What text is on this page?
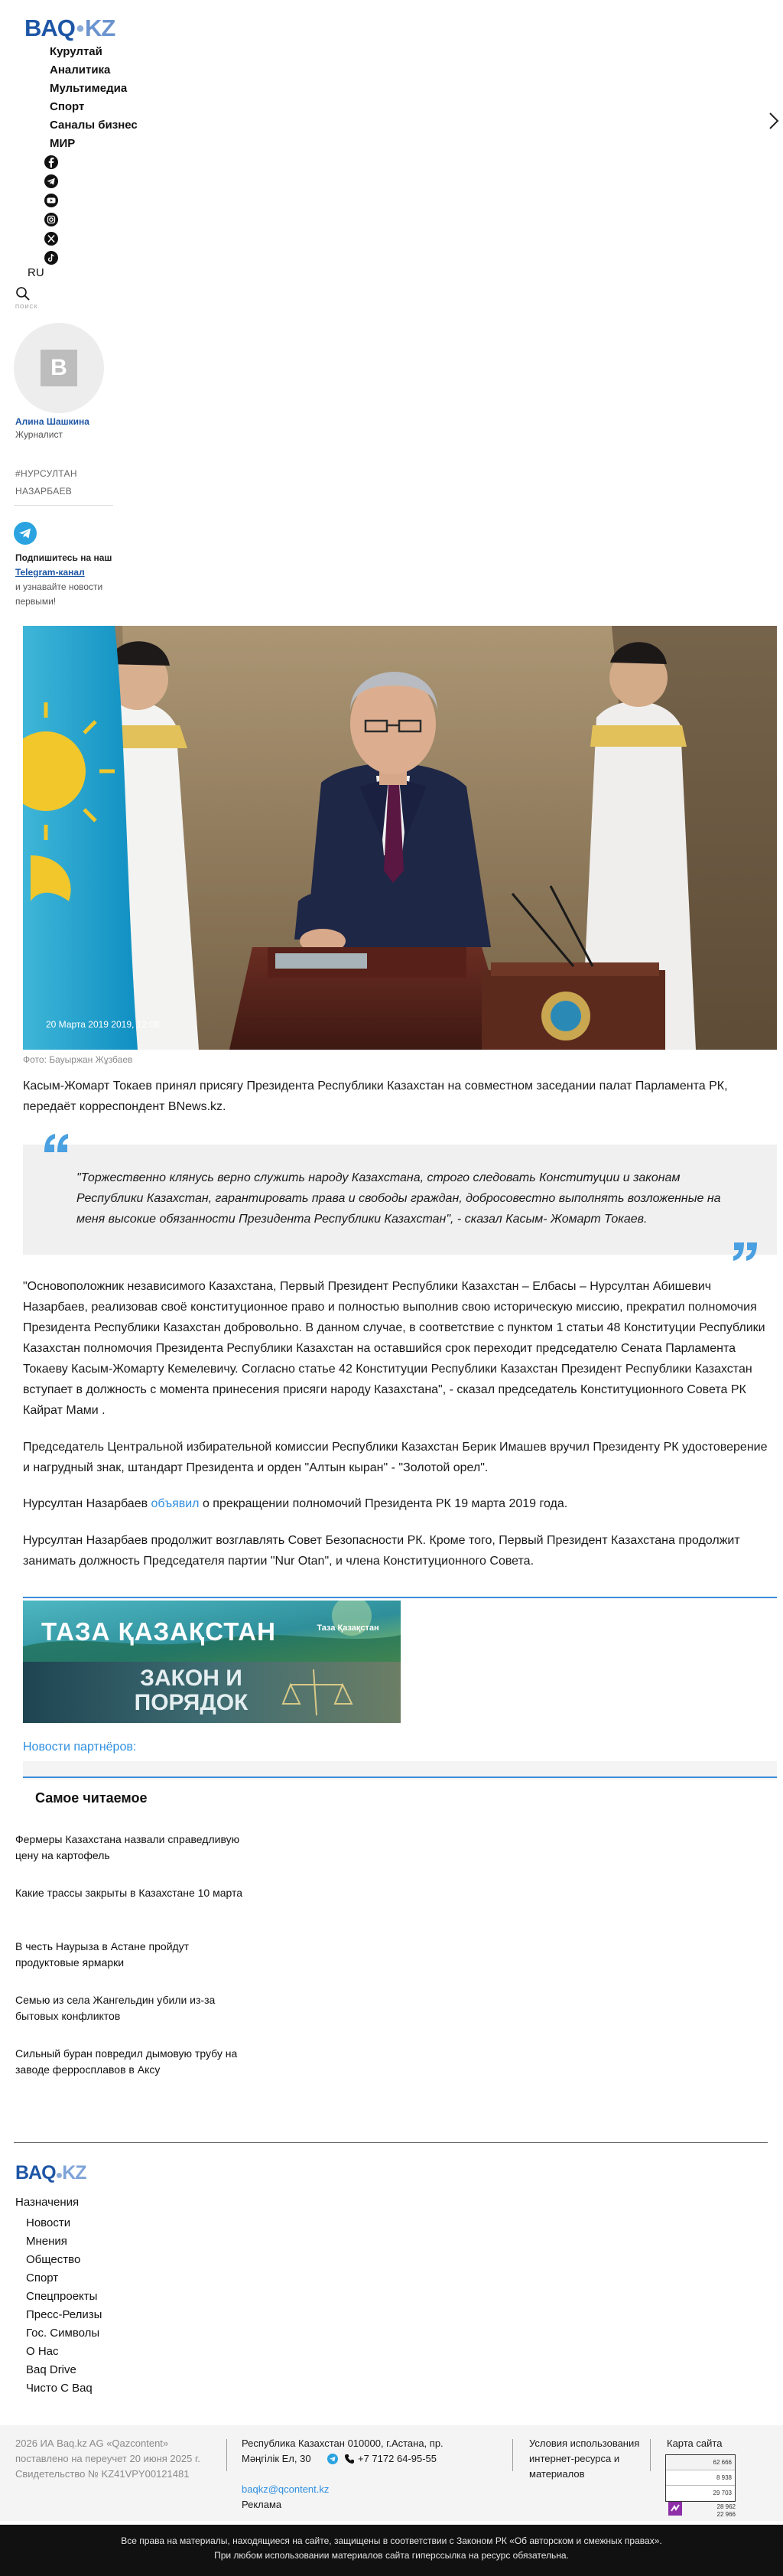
BAQ ● KZ
Курултай
Аналитика
Мультимедиа
Спорт
Саналы бизнес
МИР
RU
ПОИСК
B
Алина Шашкина
Журналист
#НУРСУЛТАН НАЗАРБАЕВ
Подпишитесь на наш
Telegram-канал
и узнавайте новости первыми!
20 Марта 2019 2019, 12:08
Фото: Бауыржан Жұзбаев

Касым-Жомарт Токаев принял присягу Президента Республики Казахстан на совместном заседании палат Парламента РК, передаёт корреспондент BNews.kz.

"Торжественно клянусь верно служить народу Казахстана, строго следовать Конституции и законам Республики Казахстан, гарантировать права и свободы граждан, добросовестно выполнять возложенные на меня высокие обязанности Президента Республики Казахстан", - сказал Касым- Жомарт Токаев.

"Основоположник независимого Казахстана, Первый Президент Республики Казахстан – Елбасы – Нурсултан Абишевич Назарбаев, реализовав своё конституционное право и полностью выполнив свою историческую миссию, прекратил полномочия Президента Республики Казахстан добровольно. В данном случае, в соответствие с пунктом 1 статьи 48 Конституции Республики Казахстан полномочия Президента Республики Казахстан на оставшийся срок переходит председателю Сената Парламента Токаеву Касым-Жомарту Кемелевичу. Согласно статье 42 Конституции Республики Казахстан Президент Республики Казахстан вступает в должность с момента принесения присяги народу Казахстана", - сказал председатель Конституционного Совета РК Кайрат Мами .

Председатель Центральной избирательной комиссии Республики Казахстан Берик Имашев вручил Президенту РК удостоверение и нагрудный знак, штандарт Президента и орден "Алтын кыран" - "Золотой орел".

Нурсултан Назарбаев объявил о прекращении полномочий Президента РК 19 марта 2019 года.

Нурсултан Назарбаев продолжит возглавлять Совет Безопасности РК. Кроме того, Первый Президент Казахстана продолжит занимать должность Председателя партии "Nur Otan", и члена Конституционного Совета.

ТАЗА ҚАЗАҚСТАН	Таза Қазақстан
ЗАКОН И
ПОРЯДОК
Новости партнёров:
Самое читаемое
Фермеры Казахстана назвали справедливую цену на картофель
Какие трассы закрыты в Казахстане 10 марта
В честь Наурыза в Астане пройдут продуктовые ярмарки
Семью из села Жангельдин убили из-за бытовых конфликтов
Сильный буран повредил дымовую трубу на заводе ферросплавов в Аксу
BAQ●KZ
Назначения
Новости
Мнения
Общество
Спорт
Спецпроекты
Пресс-Релизы
Гос. Символы
О Нас
Baq Drive
Чисто С Baq
2026 ИА Baq.kz AG «Qazcontent»
поставлено на переучет 20 июня 2025 г.
Свидетельство № KZ41VPY00121481
Республика Казахстан 010000, г.Астана, пр. Мәңгілік Ел, 30	+7 7172 64-95-55
baqkz@qcontent.kz
Реклама
Условия использования интернет-ресурса и материалов
Карта сайта
62 666
8 938
29 703
28 962
22 966
Все права на материалы, находящиеся на сайте, защищены в соответствии с Законом РК «Об авторском и смежных правах». При любом использовании материалов сайта гиперссылка на ресурс обязательна.
